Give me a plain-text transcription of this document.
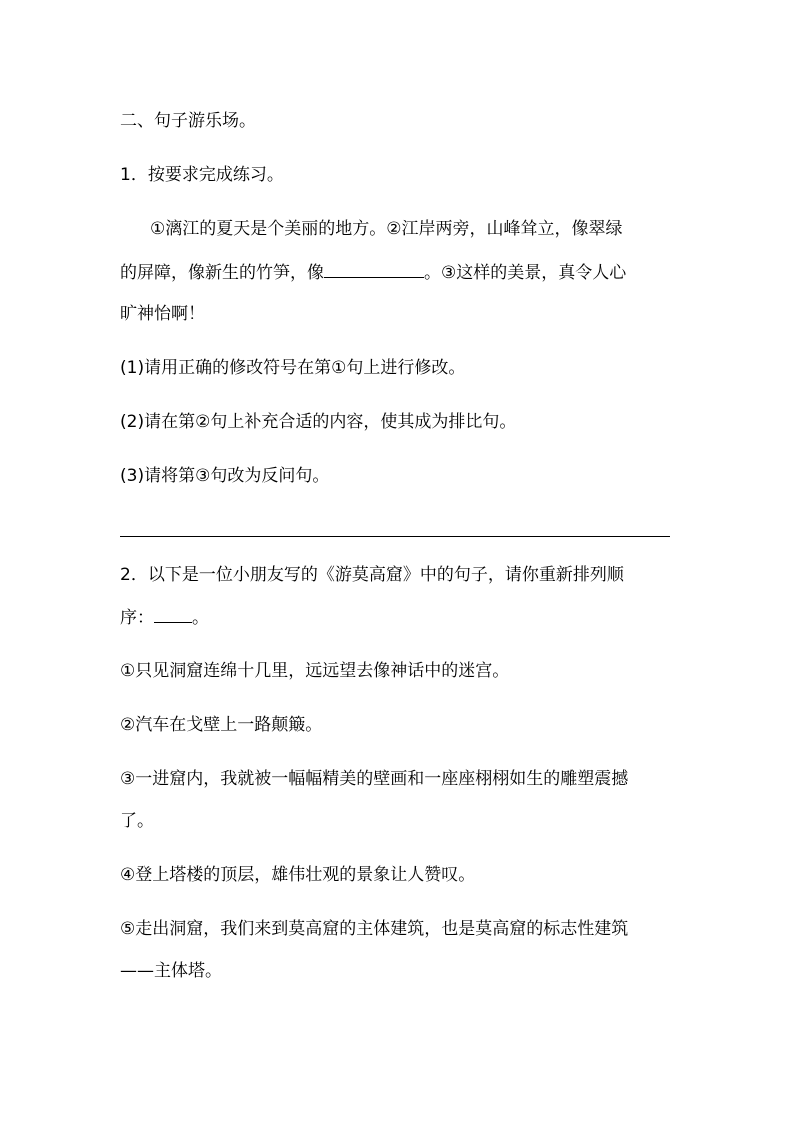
二、句子游乐场。
1．按要求完成练习。
①漓江的夏天是个美丽的地方。②江岸两旁，山峰耸立，像翠绿
的屏障，像新生的竹笋，像	。③这样的美景，真令人心
旷神怡啊！
(1)请用正确的修改符号在第①句上进行修改。
(2)请在第②句上补充合适的内容，使其成为排比句。
(3)请将第③句改为反问句。
2．以下是一位小朋友写的《游莫高窟》中的句子，请你重新排列顺
序： 。
①只见洞窟连绵十几里，远远望去像神话中的迷宫。
②汽车在戈壁上一路颠簸。
③一进窟内，我就被一幅幅精美的壁画和一座座栩栩如生的雕塑震撼
了。
④登上塔楼的顶层，雄伟壮观的景象让人赞叹。
⑤走出洞窟，我们来到莫高窟的主体建筑，也是莫高窟的标志性建筑
——主体塔。
